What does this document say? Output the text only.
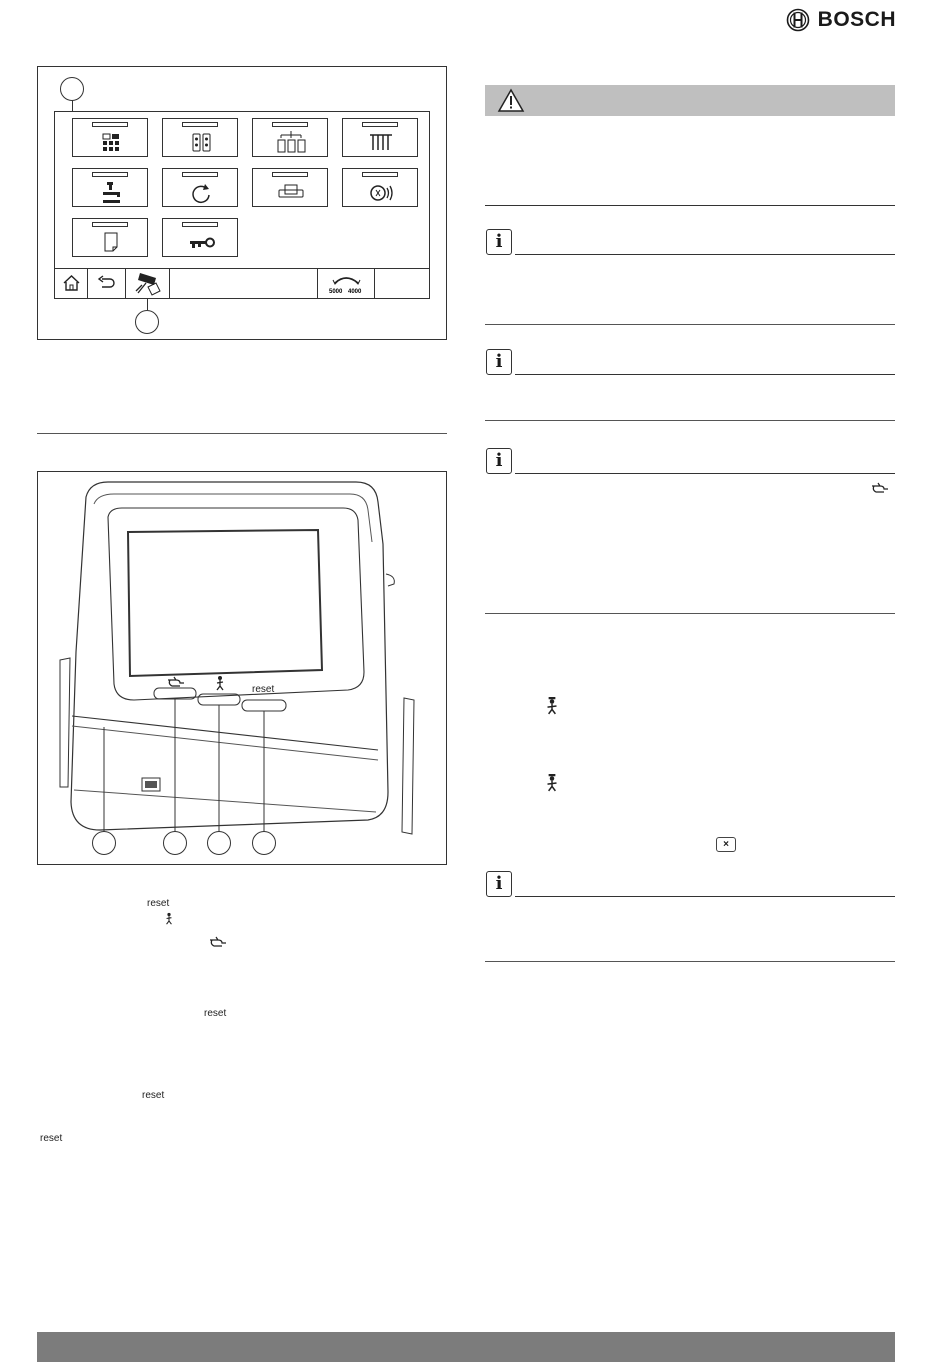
BOSCH
5000 4000
reset
reset
reset
reset
reset
i
i
i
×
i
